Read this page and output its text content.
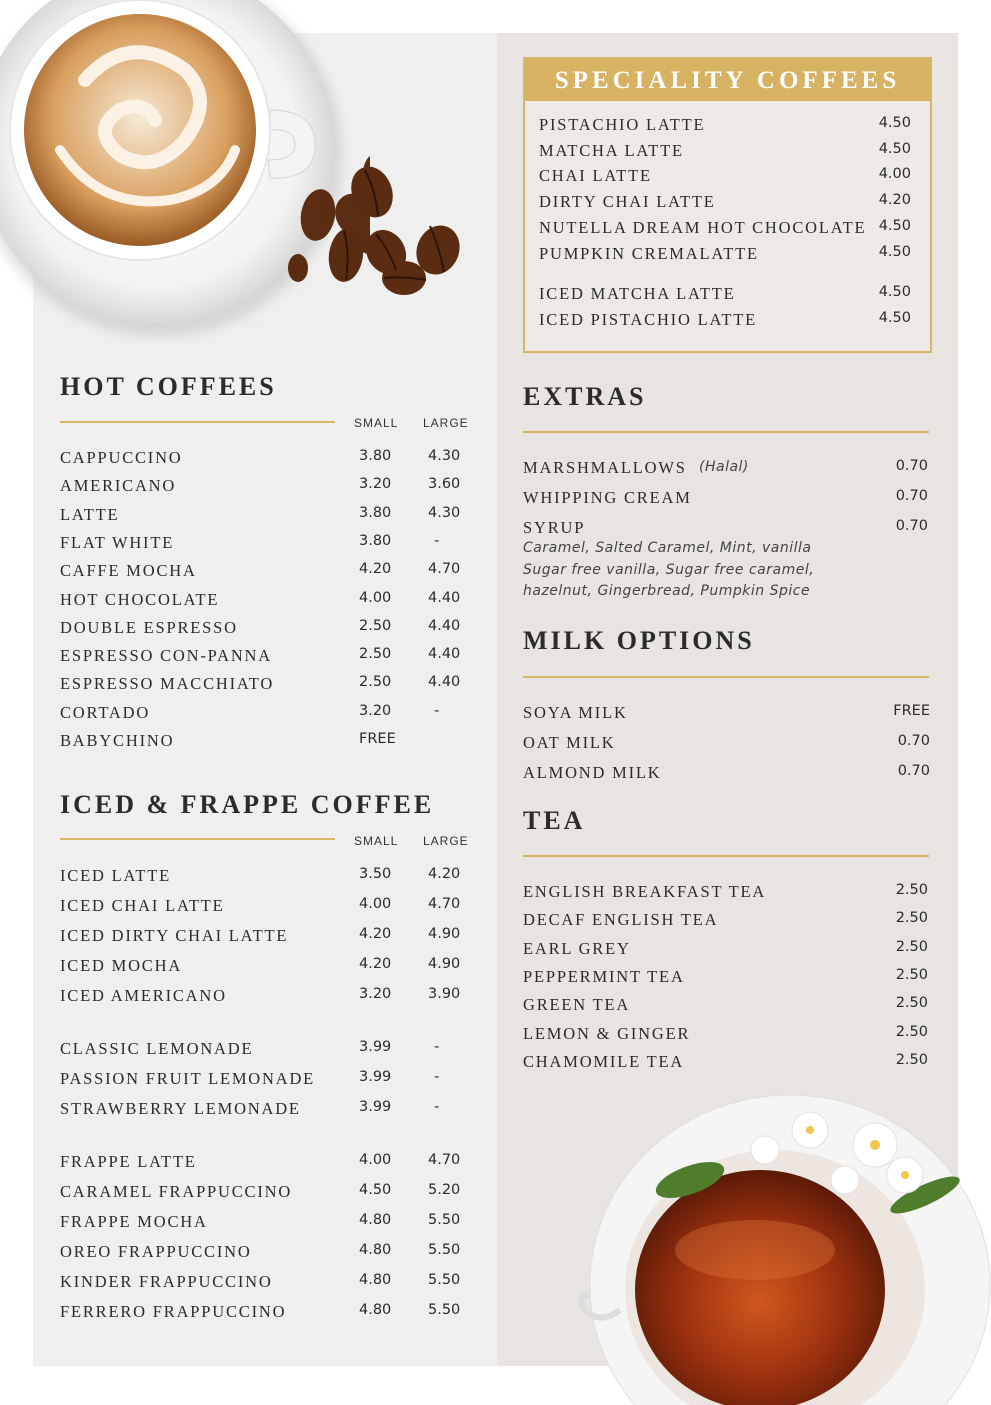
HOT COFFEES
SMALL LARGE
CAPPUCCINO	3.80	4.30
AMERICANO	3.20	3.60
LATTE	3.80	4.30
FLAT WHITE	3.80	-
CAFFE MOCHA	4.20	4.70
HOT CHOCOLATE	4.00	4.40
DOUBLE ESPRESSO	2.50	4.40
ESPRESSO CON-PANNA	2.50	4.40
ESPRESSO MACCHIATO	2.50	4.40
CORTADO	3.20	-
BABYCHINO	FREE
ICED & FRAPPE COFFEE
SMALL LARGE
ICED LATTE	3.50	4.20
ICED CHAI LATTE	4.00	4.70
ICED DIRTY CHAI LATTE	4.20	4.90
ICED MOCHA	4.20	4.90
ICED AMERICANO	3.20	3.90
SPECIALITY COFFEES
PISTACHIO LATTE	4.50
MATCHA LATTE	4.50
CHAI LATTE	4.00
DIRTY CHAI LATTE	4.20
NUTELLA DREAM HOT CHOCOLATE 4.50
PUMPKIN CREMALATTE	4.50
EXTRAS
MARSHMALLOWS (Halal)	0.70
WHIPPING CREAM	0.70
SYRUP	0.70
Caramel, Salted Caramel, Mint, vanilla
Sugar free vanilla, Sugar free caramel,
hazelnut, Gingerbread, Pumpkin Spice
MILK OPTIONS
SOYA MILK	FREE
OAT MILK	0.70
ALMOND MILK	0.70
TEA
ENGLISH BREAKFAST TEA	2.50
DECAF ENGLISH TEA	2.50
EARL GREY	2.50
PEPPERMINT TEA	2.50
GREEN TEA	2.50
LEMON & GINGER	2.50
CHAMOMILE TEA	2.50
CLASSIC LEMONADE	3.99	-
PASSION FRUIT LEMONADE	3.99	-
STRAWBERRY LEMONADE	3.99	-
FRAPPE LATTE	4.00	4.70
CARAMEL FRAPPUCCINO	4.50	5.20
FRAPPE MOCHA	4.80	5.50
OREO FRAPPUCCINO	4.80	5.50
KINDER FRAPPUCCINO	4.80	5.50
FERRERO FRAPPUCCINO	4.80	5.50
ICED MATCHA LATTE	4.50
ICED PISTACHIO LATTE	4.50
